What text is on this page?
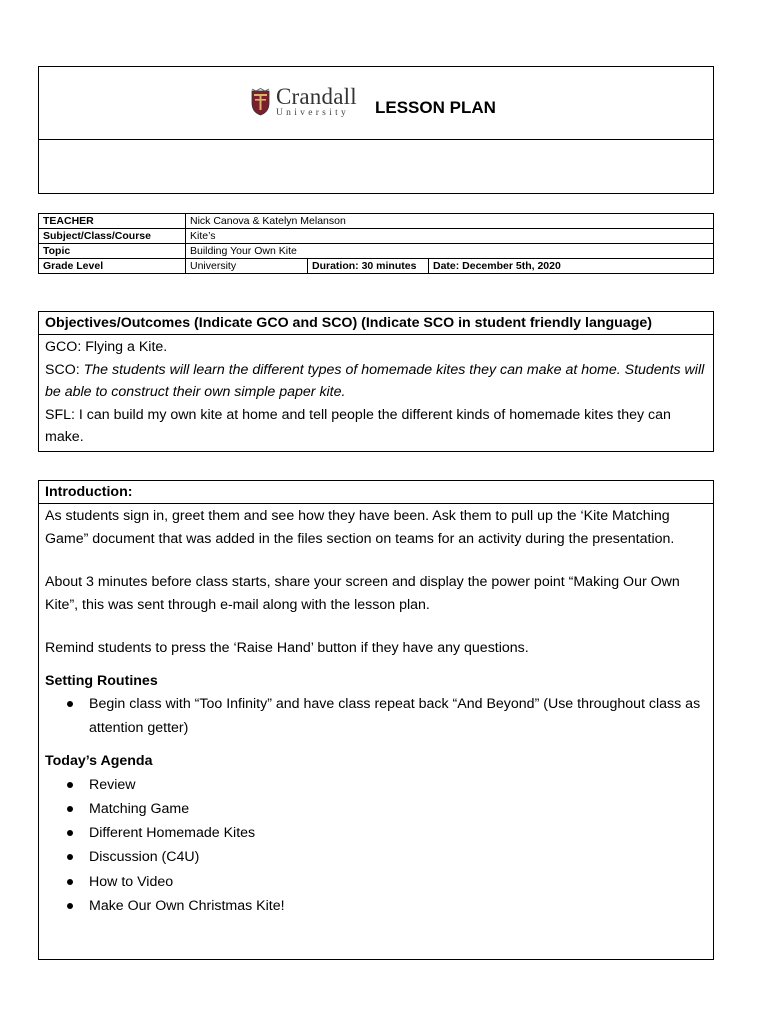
Crandall
University	LESSON PLAN
TEACHER	Nick Canova & Katelyn Melanson		
Subject/Class/Course	Kite’s		
Topic	Building Your Own Kite		
Grade Level	University	Duration: 30 minutes	Date: December 5th, 2020
Objectives/Outcomes (Indicate GCO and SCO) (Indicate SCO in student friendly language)

GCO: Flying a Kite.

SCO: The students will learn the different types of homemade kites they can make at home. Students will be able to construct their own simple paper kite.

SFL: I can build my own kite at home and tell people the different kinds of homemade kites they can make.

Introduction:

As students sign in, greet them and see how they have been. Ask them to pull up the ‘Kite Matching Game” document that was added in the files section on teams for an activity during the presentation.

About 3 minutes before class starts, share your screen and display the power point “Making Our Own Kite”, this was sent through e-mail along with the lesson plan.

Remind students to press the ‘Raise Hand’ button if they have any questions.

Setting Routines
Begin class with “Too Infinity” and have class repeat back “And Beyond” (Use throughout class as attention getter)
Today’s Agenda
Review
Matching Game
Different Homemade Kites
Discussion (C4U)
How to Video
Make Our Own Christmas Kite!
